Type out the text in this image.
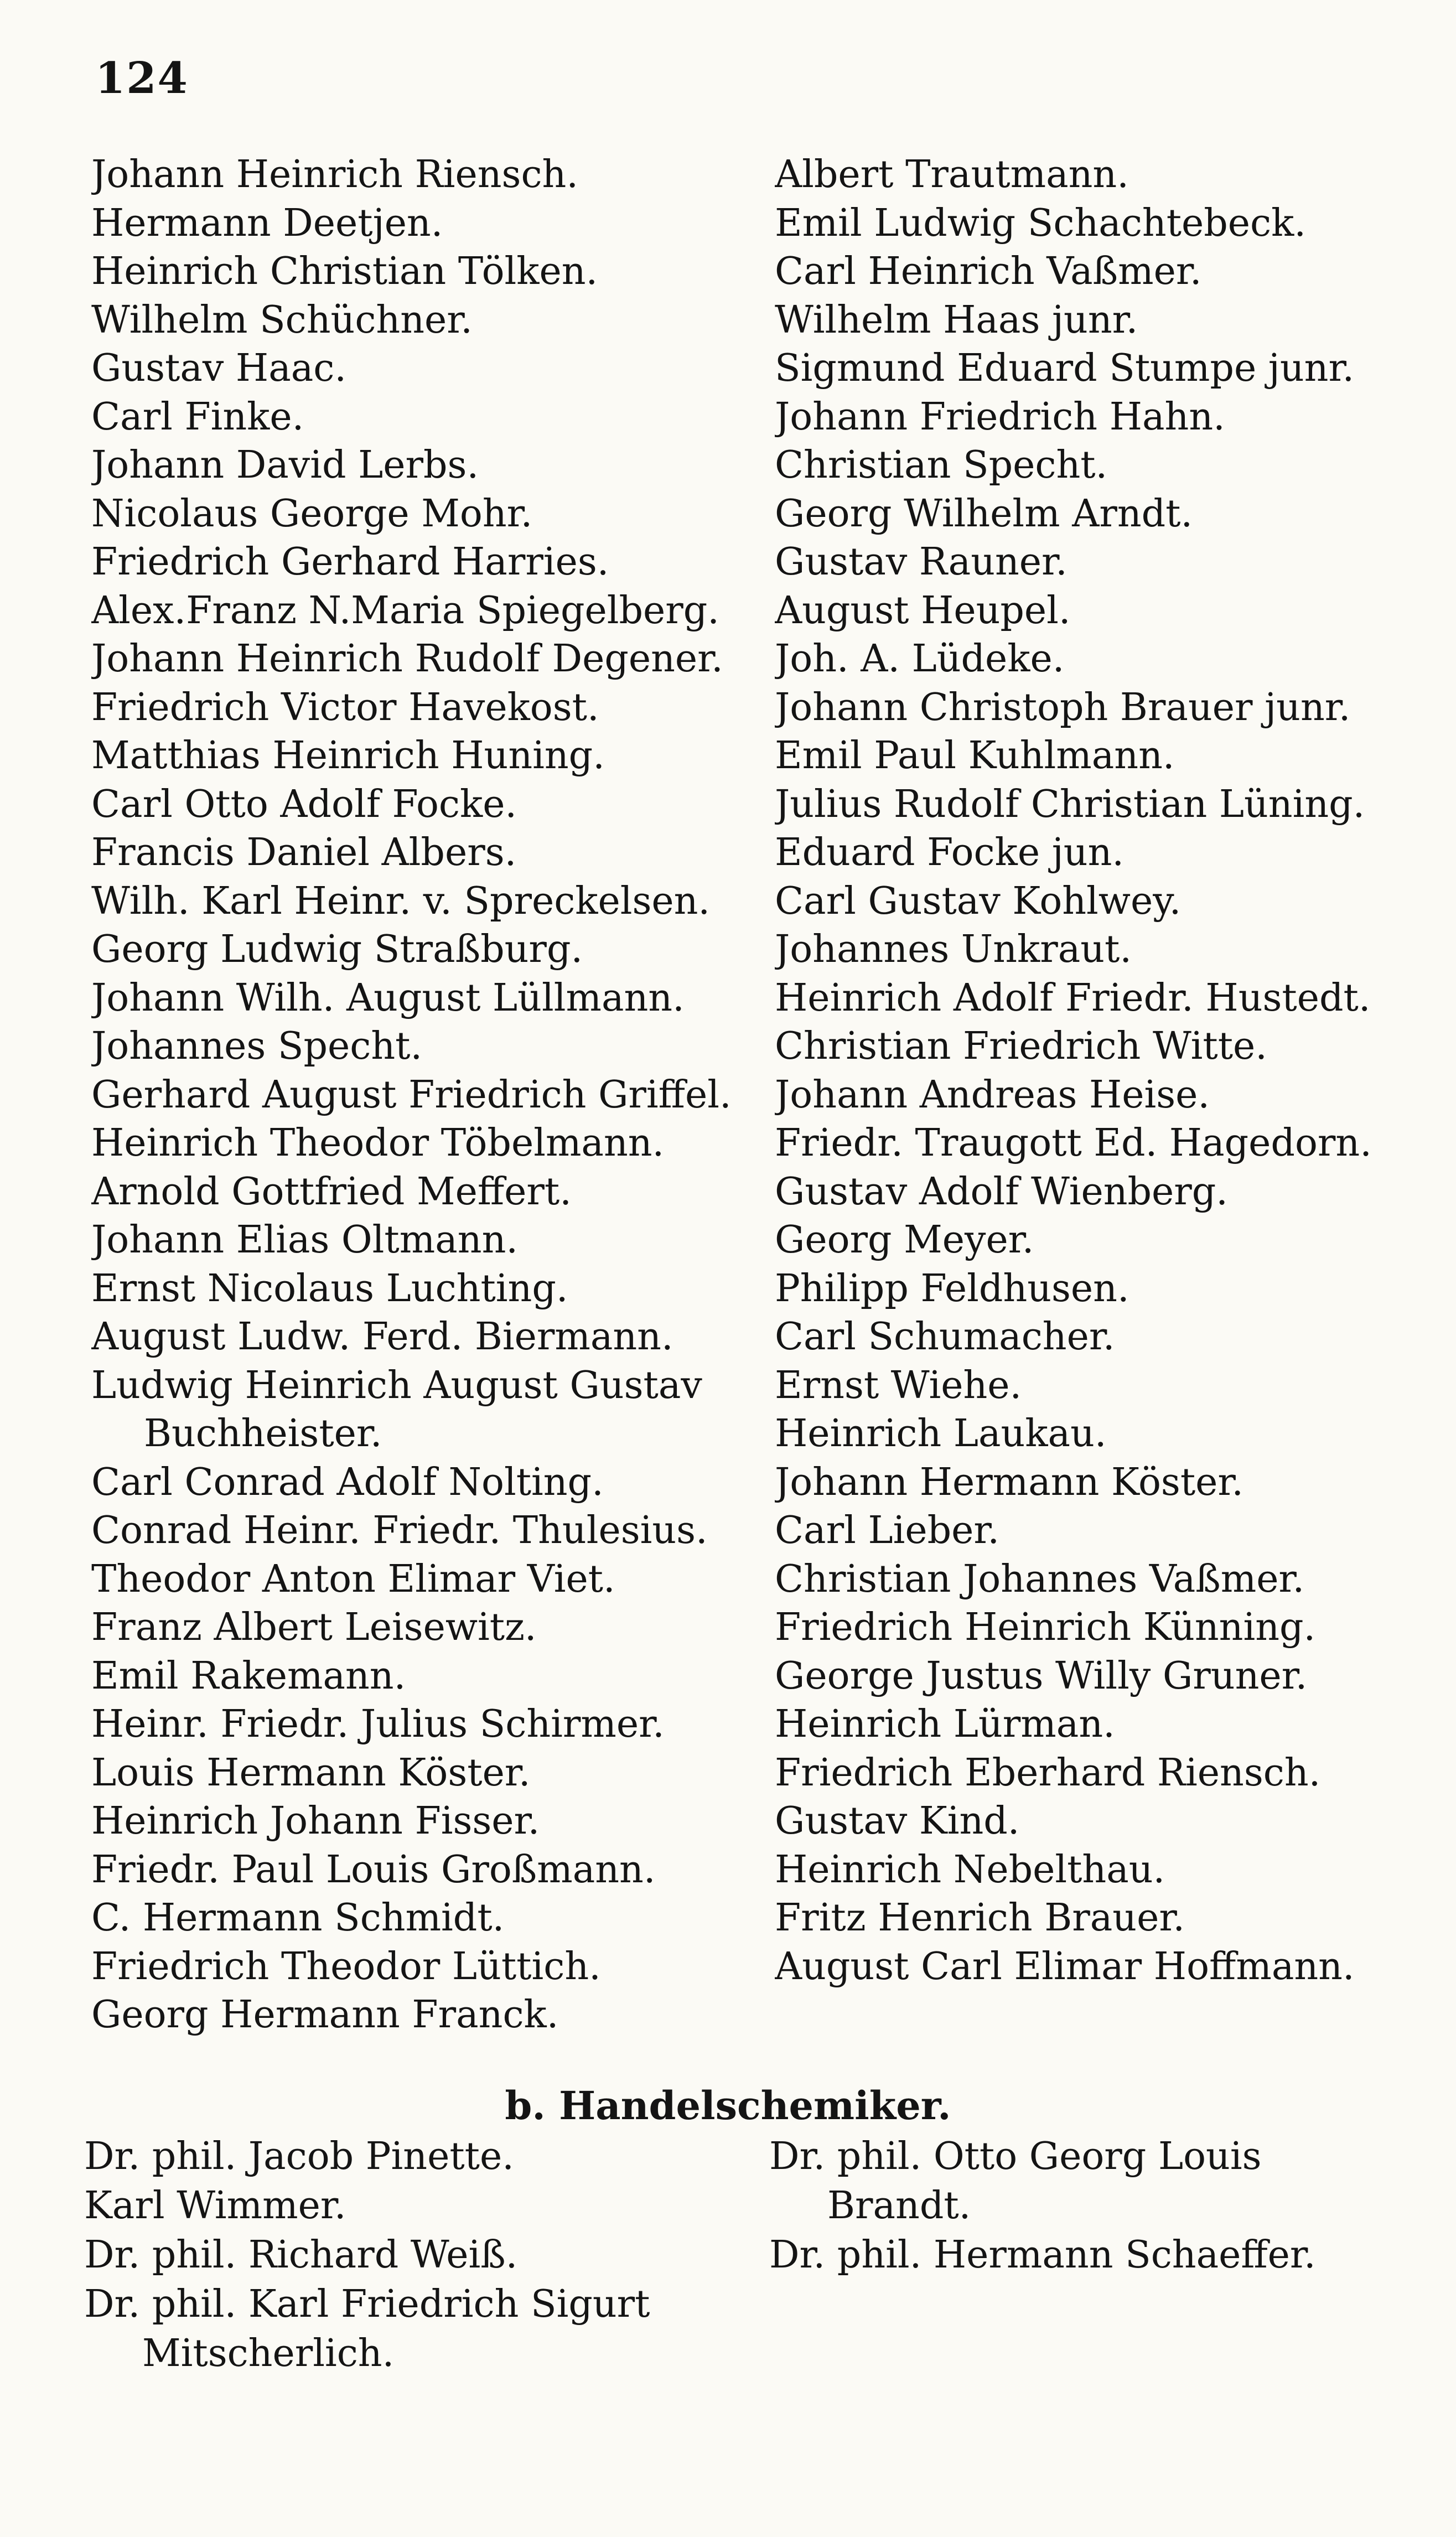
124
Johann Heinrich Riensch.
Hermann Deetjen.
Heinrich Christian Tölken.
Wilhelm Schüchner.
Gustav Haac.
Carl Finke.
Johann David Lerbs.
Nicolaus George Mohr.
Friedrich Gerhard Harries.
Alex.Franz N.Maria Spiegelberg.
Johann Heinrich Rudolf Degener.
Friedrich Victor Havekost.
Matthias Heinrich Huning.
Carl Otto Adolf Focke.
Francis Daniel Albers.
Wilh. Karl Heinr. v. Spreckelsen.
Georg Ludwig Straßburg.
Johann Wilh. August Lüllmann.
Johannes Specht.
Gerhard August Friedrich Griffel.
Heinrich Theodor Töbelmann.
Arnold Gottfried Meffert.
Johann Elias Oltmann.
Ernst Nicolaus Luchting.
August Ludw. Ferd. Biermann.
Ludwig Heinrich August Gustav
Buchheister.
Carl Conrad Adolf Nolting.
Conrad Heinr. Friedr. Thulesius.
Theodor Anton Elimar Viet.
Franz Albert Leisewitz.
Emil Rakemann.
Heinr. Friedr. Julius Schirmer.
Louis Hermann Köster.
Heinrich Johann Fisser.
Friedr. Paul Louis Großmann.
C. Hermann Schmidt.
Friedrich Theodor Lüttich.
Georg Hermann Franck.
Albert Trautmann.
Emil Ludwig Schachtebeck.
Carl Heinrich Vaßmer.
Wilhelm Haas junr.
Sigmund Eduard Stumpe junr.
Johann Friedrich Hahn.
Christian Specht.
Georg Wilhelm Arndt.
Gustav Rauner.
August Heupel.
Joh. A. Lüdeke.
Johann Christoph Brauer junr.
Emil Paul Kuhlmann.
Julius Rudolf Christian Lüning.
Eduard Focke jun.
Carl Gustav Kohlwey.
Johannes Unkraut.
Heinrich Adolf Friedr. Hustedt.
Christian Friedrich Witte.
Johann Andreas Heise.
Friedr. Traugott Ed. Hagedorn.
Gustav Adolf Wienberg.
Georg Meyer.
Philipp Feldhusen.
Carl Schumacher.
Ernst Wiehe.
Heinrich Laukau.
Johann Hermann Köster.
Carl Lieber.
Christian Johannes Vaßmer.
Friedrich Heinrich Künning.
George Justus Willy Gruner.
Heinrich Lürman.
Friedrich Eberhard Riensch.
Gustav Kind.
Heinrich Nebelthau.
Fritz Henrich Brauer.
August Carl Elimar Hoffmann.
b. Handelschemiker.
Dr. phil. Jacob Pinette.
Karl Wimmer.
Dr. phil. Richard Weiß.
Dr. phil. Karl Friedrich Sigurt
Mitscherlich.
Dr. phil. Otto Georg Louis
Brandt.
Dr. phil. Hermann Schaeffer.
